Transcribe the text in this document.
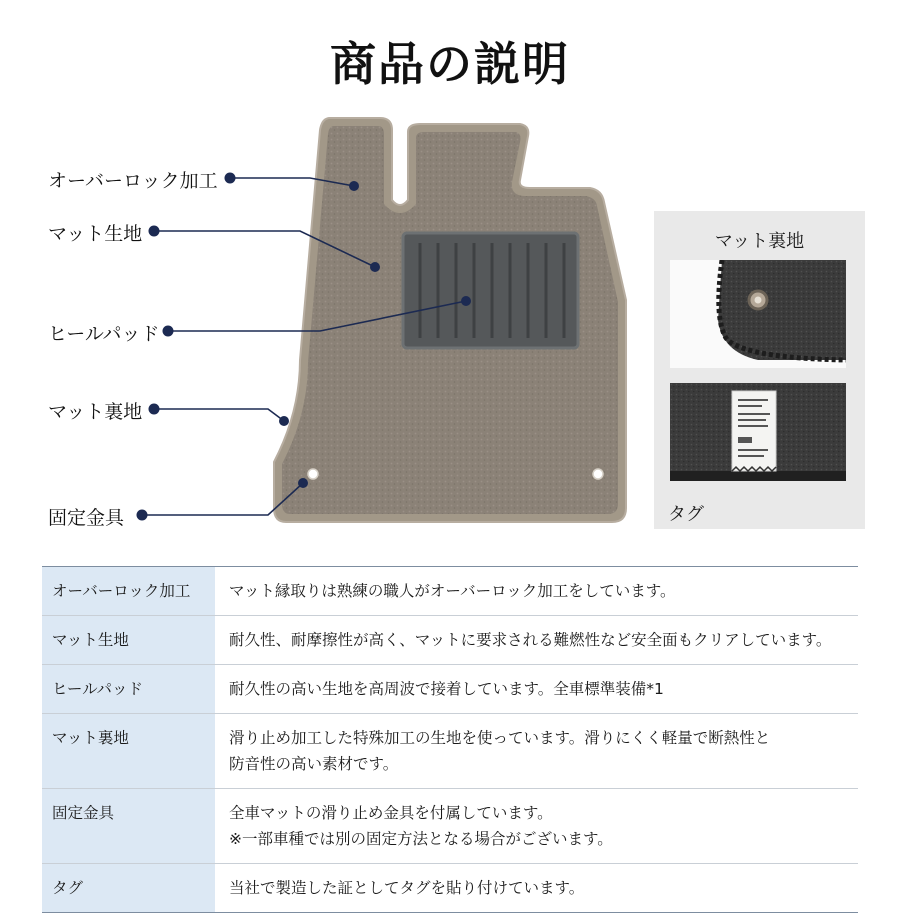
商品の説明
オーバーロック加工
マット生地
ヒールパッド
マット裏地
固定金具
マット裏地
タグ
オーバーロック加工	マット縁取りは熟練の職人がオーバーロック加工をしています。
マット生地	耐久性、耐摩擦性が高く、マットに要求される難燃性など安全面もクリアしています。
ヒールパッド	耐久性の高い生地を高周波で接着しています。全車標準装備*1
マット裏地	滑り止め加工した特殊加工の生地を使っています。滑りにくく軽量で断熱性と
防音性の高い素材です。

固定金具	全車マットの滑り止め金具を付属しています。
※一部車種では別の固定方法となる場合がございます。

タグ	当社で製造した証としてタグを貼り付けています。
